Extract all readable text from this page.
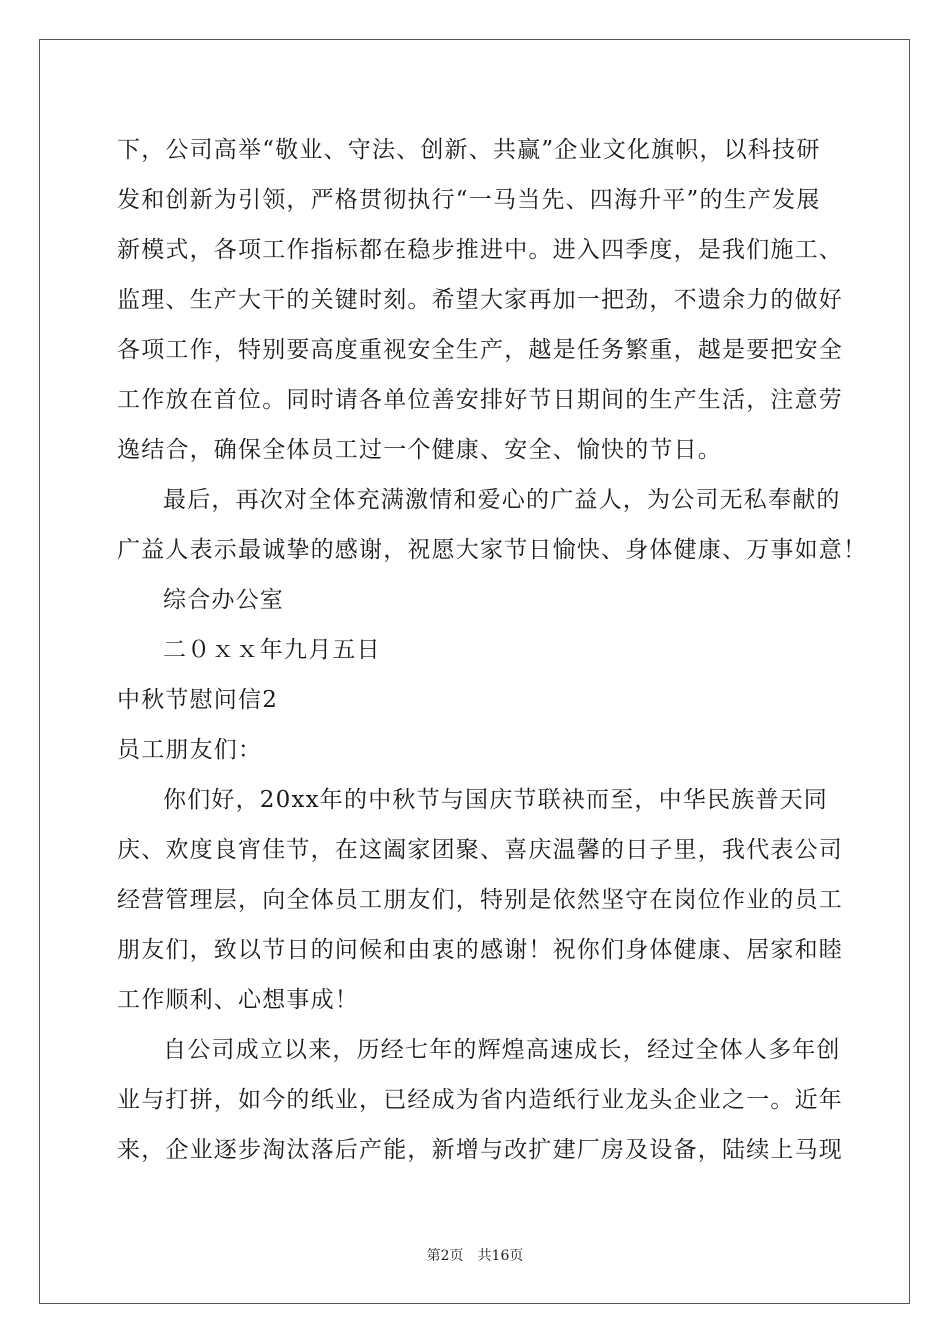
下，公司高举“敬业、守法、创新、共赢”企业文化旗帜，以科技研
发和创新为引领，严格贯彻执行“一马当先、四海升平”的生产发展
新模式，各项工作指标都在稳步推进中。进入四季度，是我们施工、
监理、生产大干的关键时刻。希望大家再加一把劲，不遗余力的做好
各项工作，特别要高度重视安全生产，越是任务繁重，越是要把安全
工作放在首位。同时请各单位善安排好节日期间的生产生活，注意劳
逸结合，确保全体员工过一个健康、安全、愉快的节日。
最后，再次对全体充满激情和爱心的广益人，为公司无私奉献的
广益人表示最诚挚的感谢，祝愿大家节日愉快、身体健康、万事如意！
综合办公室
二０ｘｘ年九月五日
中秋节慰问信2
员工朋友们：
你们好，20xx年的中秋节与国庆节联袂而至，中华民族普天同
庆、欢度良宵佳节，在这阖家团聚、喜庆温馨的日子里，我代表公司
经营管理层，向全体员工朋友们，特别是依然坚守在岗位作业的员工
朋友们，致以节日的问候和由衷的感谢！祝你们身体健康、居家和睦
工作顺利、心想事成！
自公司成立以来，历经七年的辉煌高速成长，经过全体人多年创
业与打拼，如今的纸业，已经成为省内造纸行业龙头企业之一。近年
来，企业逐步淘汰落后产能，新增与改扩建厂房及设备，陆续上马现
第2页 共16页
